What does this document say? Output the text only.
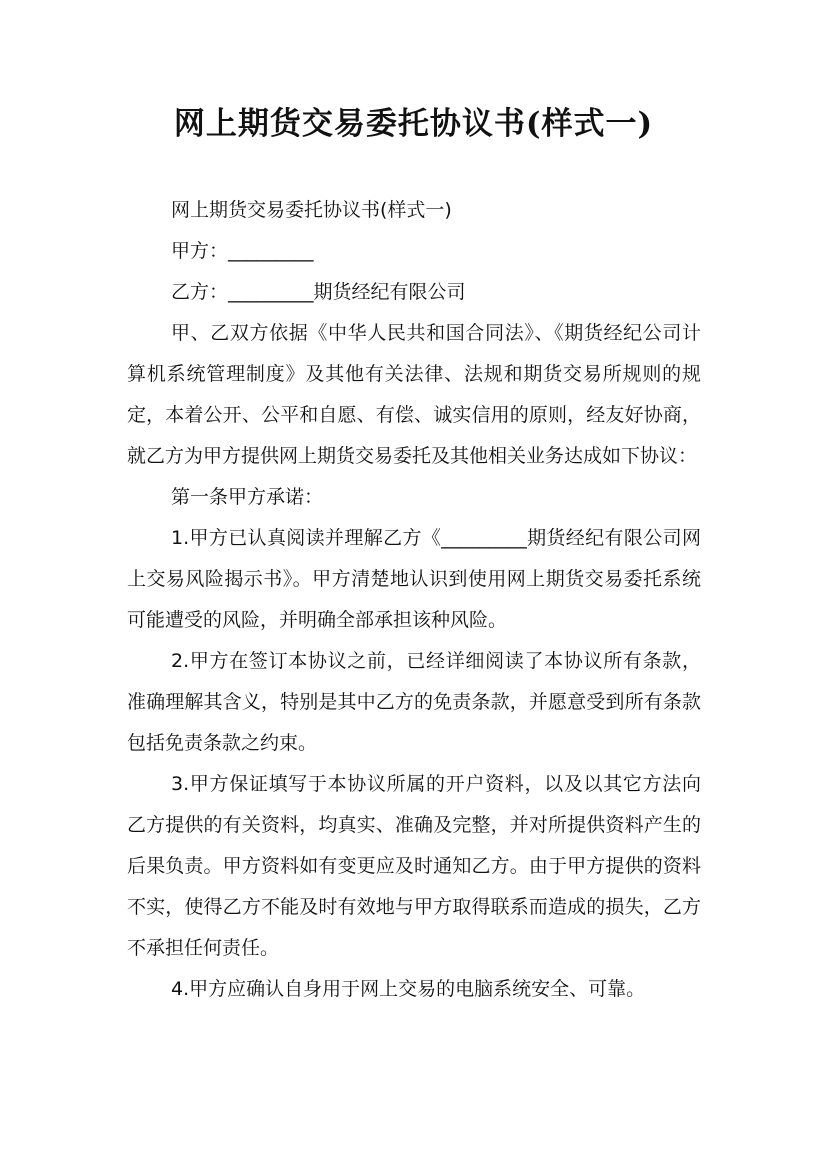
网上期货交易委托协议书(样式一)

网上期货交易委托协议书(样式一)

甲方：_________

乙方：_________期货经纪有限公司

甲、乙双方依据《中华人民共和国合同法》、《期货经纪公司计算机系统管理制度》及其他有关法律、法规和期货交易所规则的规定，本着公开、公平和自愿、有偿、诚实信用的原则，经友好协商，就乙方为甲方提供网上期货交易委托及其他相关业务达成如下协议：

第一条甲方承诺：

1.甲方已认真阅读并理解乙方《_________期货经纪有限公司网上交易风险揭示书》。甲方清楚地认识到使用网上期货交易委托系统可能遭受的风险，并明确全部承担该种风险。

2.甲方在签订本协议之前，已经详细阅读了本协议所有条款，准确理解其含义，特别是其中乙方的免责条款，并愿意受到所有条款包括免责条款之约束。

3.甲方保证填写于本协议所属的开户资料，以及以其它方法向乙方提供的有关资料，均真实、准确及完整，并对所提供资料产生的后果负责。甲方资料如有变更应及时通知乙方。由于甲方提供的资料不实，使得乙方不能及时有效地与甲方取得联系而造成的损失，乙方不承担任何责任。

4.甲方应确认自身用于网上交易的电脑系统安全、可靠。
